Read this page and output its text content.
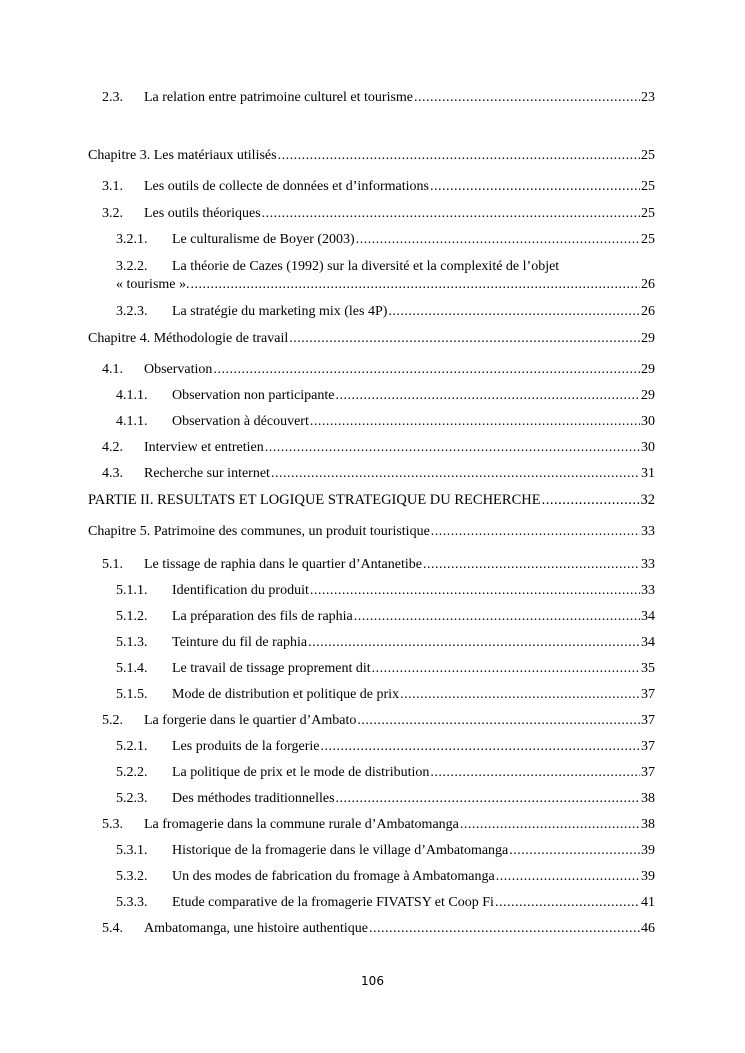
2.3.	La relation entre patrimoine culturel et tourisme .....	23
Chapitre 3. Les matériaux utilisés .....	25
3.1.	Les outils de collecte de données et d’informations .....	25
3.2.	Les outils théoriques .....	25
3.2.1.	Le culturalisme de Boyer (2003) .....	25
3.2.2. La théorie de Cazes (1992) sur la diversité et la complexité de l’objet
« tourisme ». .....	26
3.2.3.	La stratégie du marketing mix (les 4P) .....	26
Chapitre 4. Méthodologie de travail .....	29
4.1.	Observation .....	29
4.1.1.	Observation non participante .....	29
4.1.1.	Observation à découvert .....	30
4.2.	Interview et entretien .....	30
4.3.	Recherche sur internet .....	31
PARTIE II. RESULTATS ET LOGIQUE STRATEGIQUE DU RECHERCHE .....	32
Chapitre 5. Patrimoine des communes, un produit touristique .....	33
5.1.	Le tissage de raphia dans le quartier d’Antanetibe .....	33
5.1.1.	Identification du produit .....	33
5.1.2.	La préparation des fils de raphia .....	34
5.1.3.	Teinture du fil de raphia .....	34
5.1.4.	Le travail de tissage proprement dit .....	35
5.1.5.	Mode de distribution et politique de prix .....	37
5.2.	La forgerie dans le quartier d’Ambato .....	37
5.2.1.	Les produits de la forgerie .....	37
5.2.2.	La politique de prix et le mode de distribution .....	37
5.2.3.	Des méthodes traditionnelles .....	38
5.3.	La fromagerie dans la commune rurale d’Ambatomanga .....	38
5.3.1.	Historique de la fromagerie dans le village d’Ambatomanga .....	39
5.3.2.	Un des modes de fabrication du fromage à Ambatomanga .....	39
5.3.3.	Etude comparative de la fromagerie FIVATSY et Coop Fi .....	41
5.4.	Ambatomanga, une histoire authentique .....	46
106
